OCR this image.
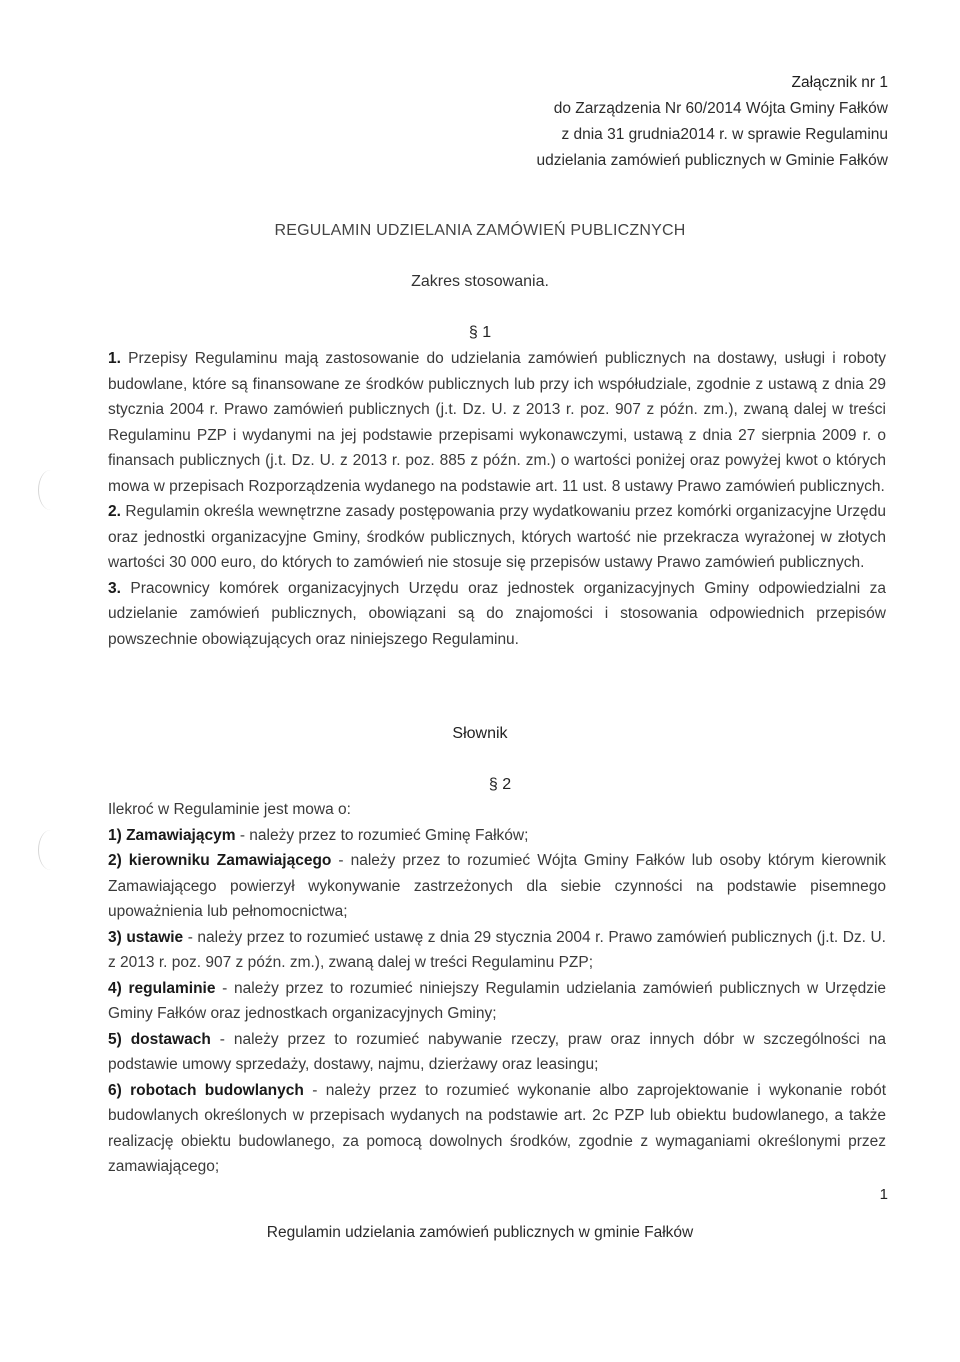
Załącznik nr 1
do Zarządzenia Nr 60/2014 Wójta Gminy Fałków
z dnia 31 grudnia2014 r. w sprawie Regulaminu
udzielania zamówień publicznych w Gminie Fałków
REGULAMIN UDZIELANIA ZAMÓWIEŃ PUBLICZNYCH
Zakres stosowania.
§ 1

1. Przepisy Regulaminu mają zastosowanie do udzielania zamówień publicznych na dostawy, usługi i roboty budowlane, które są finansowane ze środków publicznych lub przy ich współudziale, zgodnie z ustawą z dnia 29 stycznia 2004 r. Prawo zamówień publicznych (j.t. Dz. U. z 2013 r. poz. 907 z późn. zm.), zwaną dalej w treści Regulaminu PZP i wydanymi na jej podstawie przepisami wykonawczymi, ustawą z dnia 27 sierpnia 2009 r. o finansach publicznych (j.t. Dz. U. z 2013 r. poz. 885 z późn. zm.) o wartości poniżej oraz powyżej kwot o których mowa w przepisach Rozporządzenia wydanego na podstawie art. 11 ust. 8 ustawy Prawo zamówień publicznych.

2. Regulamin określa wewnętrzne zasady postępowania przy wydatkowaniu przez komórki organizacyjne Urzędu oraz jednostki organizacyjne Gminy, środków publicznych, których wartość nie przekracza wyrażonej w złotych wartości 30 000 euro, do których to zamówień nie stosuje się przepisów ustawy Prawo zamówień publicznych.

3. Pracownicy komórek organizacyjnych Urzędu oraz jednostek organizacyjnych Gminy odpowiedzialni za udzielanie zamówień publicznych, obowiązani są do znajomości i stosowania odpowiednich przepisów powszechnie obowiązujących oraz niniejszego Regulaminu.

Słownik
§ 2

Ilekroć w Regulaminie jest mowa o:

1) Zamawiającym - należy przez to rozumieć Gminę Fałków;

2) kierowniku Zamawiającego - należy przez to rozumieć Wójta Gminy Fałków lub osoby którym kierownik Zamawiającego powierzył wykonywanie zastrzeżonych dla siebie czynności na podstawie pisemnego upoważnienia lub pełnomocnictwa;

3) ustawie - należy przez to rozumieć ustawę z dnia 29 stycznia 2004 r. Prawo zamówień publicznych (j.t. Dz. U. z 2013 r. poz. 907 z późn. zm.), zwaną dalej w treści Regulaminu PZP;

4) regulaminie - należy przez to rozumieć niniejszy Regulamin udzielania zamówień publicznych w Urzędzie Gminy Fałków oraz jednostkach organizacyjnych Gminy;

5) dostawach - należy przez to rozumieć nabywanie rzeczy, praw oraz innych dóbr w szczególności na podstawie umowy sprzedaży, dostawy, najmu, dzierżawy oraz leasingu;

6) robotach budowlanych - należy przez to rozumieć wykonanie albo zaprojektowanie i wykonanie robót budowlanych określonych w przepisach wydanych na podstawie art. 2c PZP lub obiektu budowlanego, a także realizację obiektu budowlanego, za pomocą dowolnych środków, zgodnie z wymaganiami określonymi przez zamawiającego;

1
Regulamin udzielania zamówień publicznych w gminie Fałków
